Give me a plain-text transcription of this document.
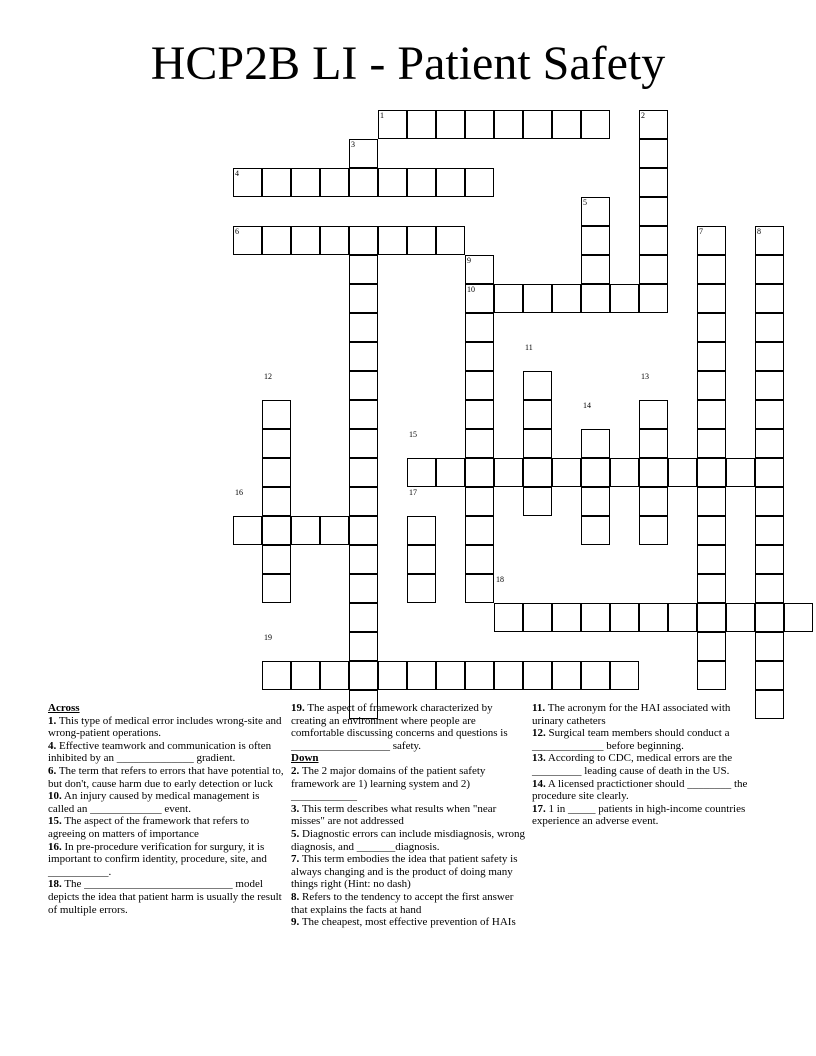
HCP2B LI - Patient Safety
1	2
3
4
5
6	7	8
9
10
11
12	13
14
15
16	17
18
19

Across

1. This type of medical error includes wrong-site and wrong-patient operations.

4. Effective teamwork and communication is often inhibited by an ______________ gradient.

6. The term that refers to errors that have potential to, but don't, cause harm due to early detection or luck

10. An injury caused by medical management is called an _____________ event.

15. The aspect of the framework that refers to agreeing on matters of importance

16. In pre-procedure verification for surgury, it is important to confirm identity, procedure, site, and ___________.

18. The ___________________________ model depicts the idea that patient harm is usually the result of multiple errors.

19. The aspect of framework characterized by creating an environment where people are comfortable discussing concerns and questions is __________________ safety.

Down

2. The 2 major domains of the patient safety framework are 1) learning system and 2) ____________

3. This term describes what results when "near misses" are not addressed

5. Diagnostic errors can include misdiagnosis, wrong diagnosis, and _______diagnosis.

7. This term embodies the idea that patient safety is always changing and is the product of doing many things right (Hint: no dash)

8. Refers to the tendency to accept the first answer that explains the facts at hand

9. The cheapest, most effective prevention of HAIs

11. The acronym for the HAI associated with urinary catheters

12. Surgical team members should conduct a _____________ before beginning.

13. According to CDC, medical errors are the _________ leading cause of death in the US.

14. A licensed practictioner should ________ the procedure site clearly.

17. 1 in _____ patients in high-income countries experience an adverse event.
